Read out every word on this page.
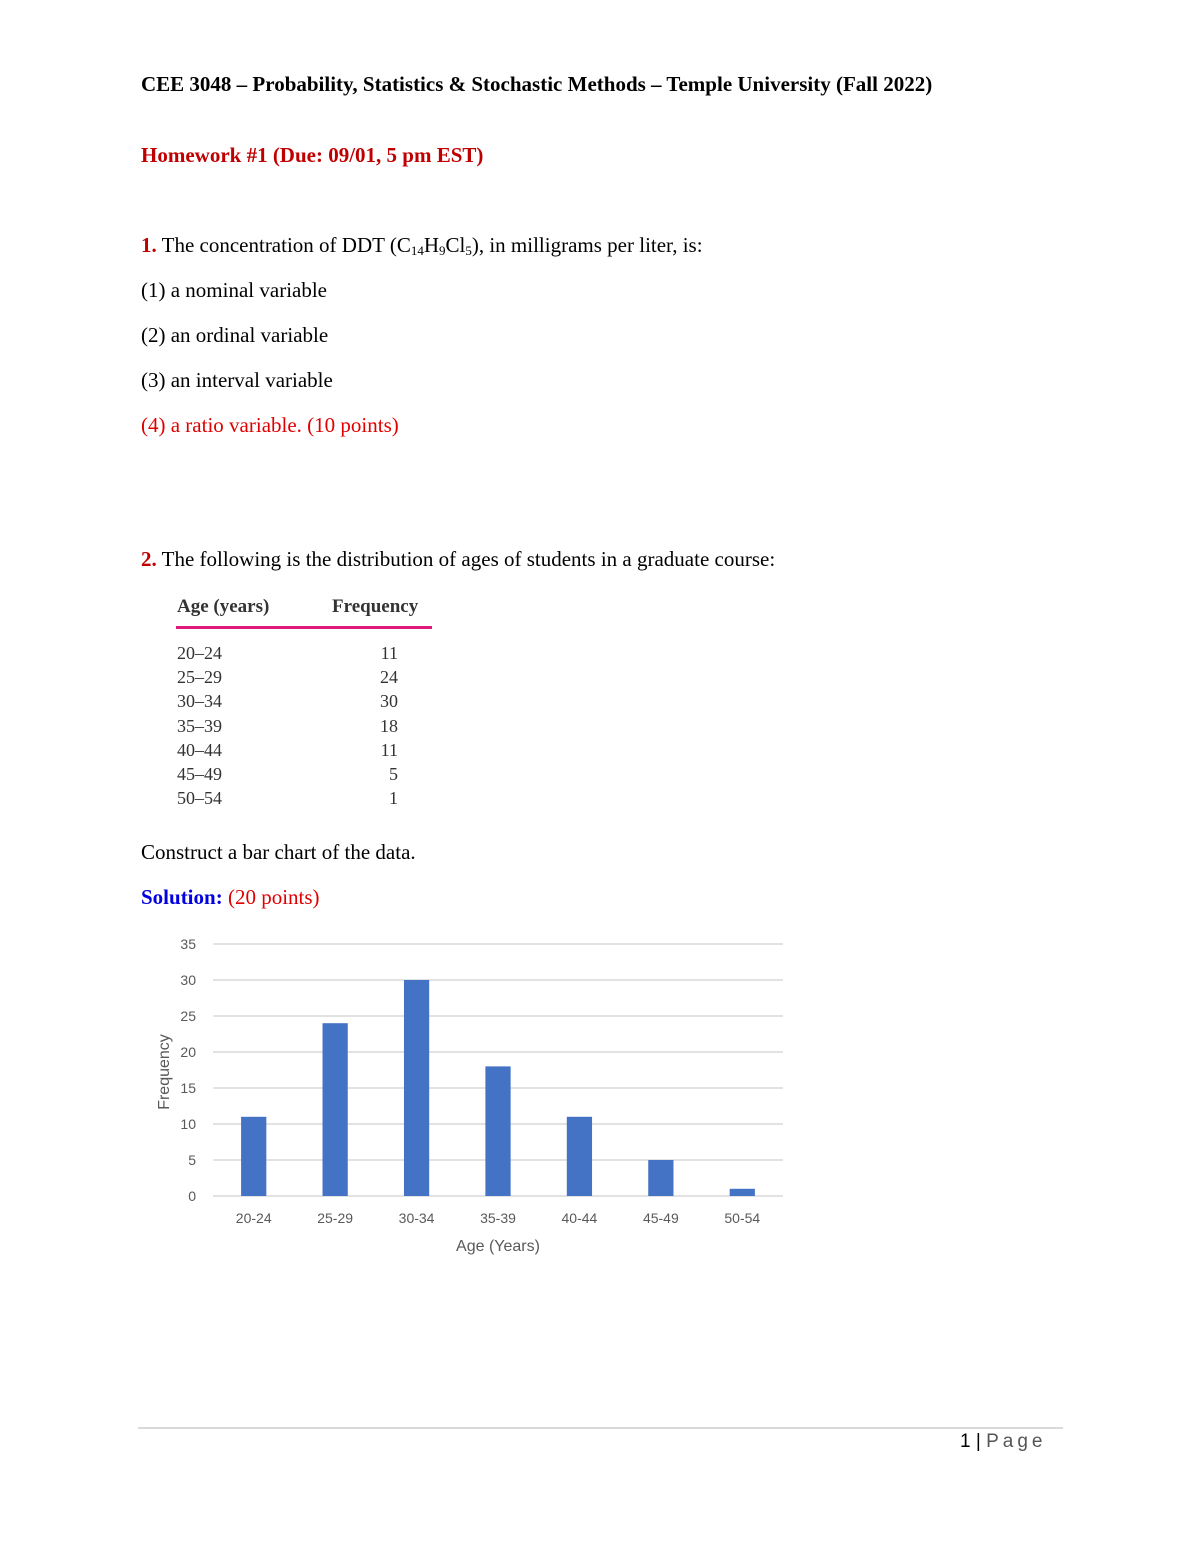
CEE 3048 – Probability, Statistics & Stochastic Methods – Temple University (Fall 2022)
Homework #1 (Due: 09/01, 5 pm EST)
1. The concentration of DDT $(C_{14}H_9Cl_5)$, in milligrams per liter, is:
(1) a nominal variable
(2) an ordinal variable
(3) an interval variable
(4) a ratio variable. (10 points)
2. The following is the distribution of ages of students in a graduate course:
Age (years)	Frequency
20–24	11
25–29	24
30–34	30
35–39	18
40–44	11
45–49	5
50–54	1
Construct a bar chart of the data.
Solution: (20 points)
0
5
10
15
20
25
30
35
20-24	25-29	30-34	35-39	40-44	45-49	50-54
Age (Years)
Frequency
1 | Page
